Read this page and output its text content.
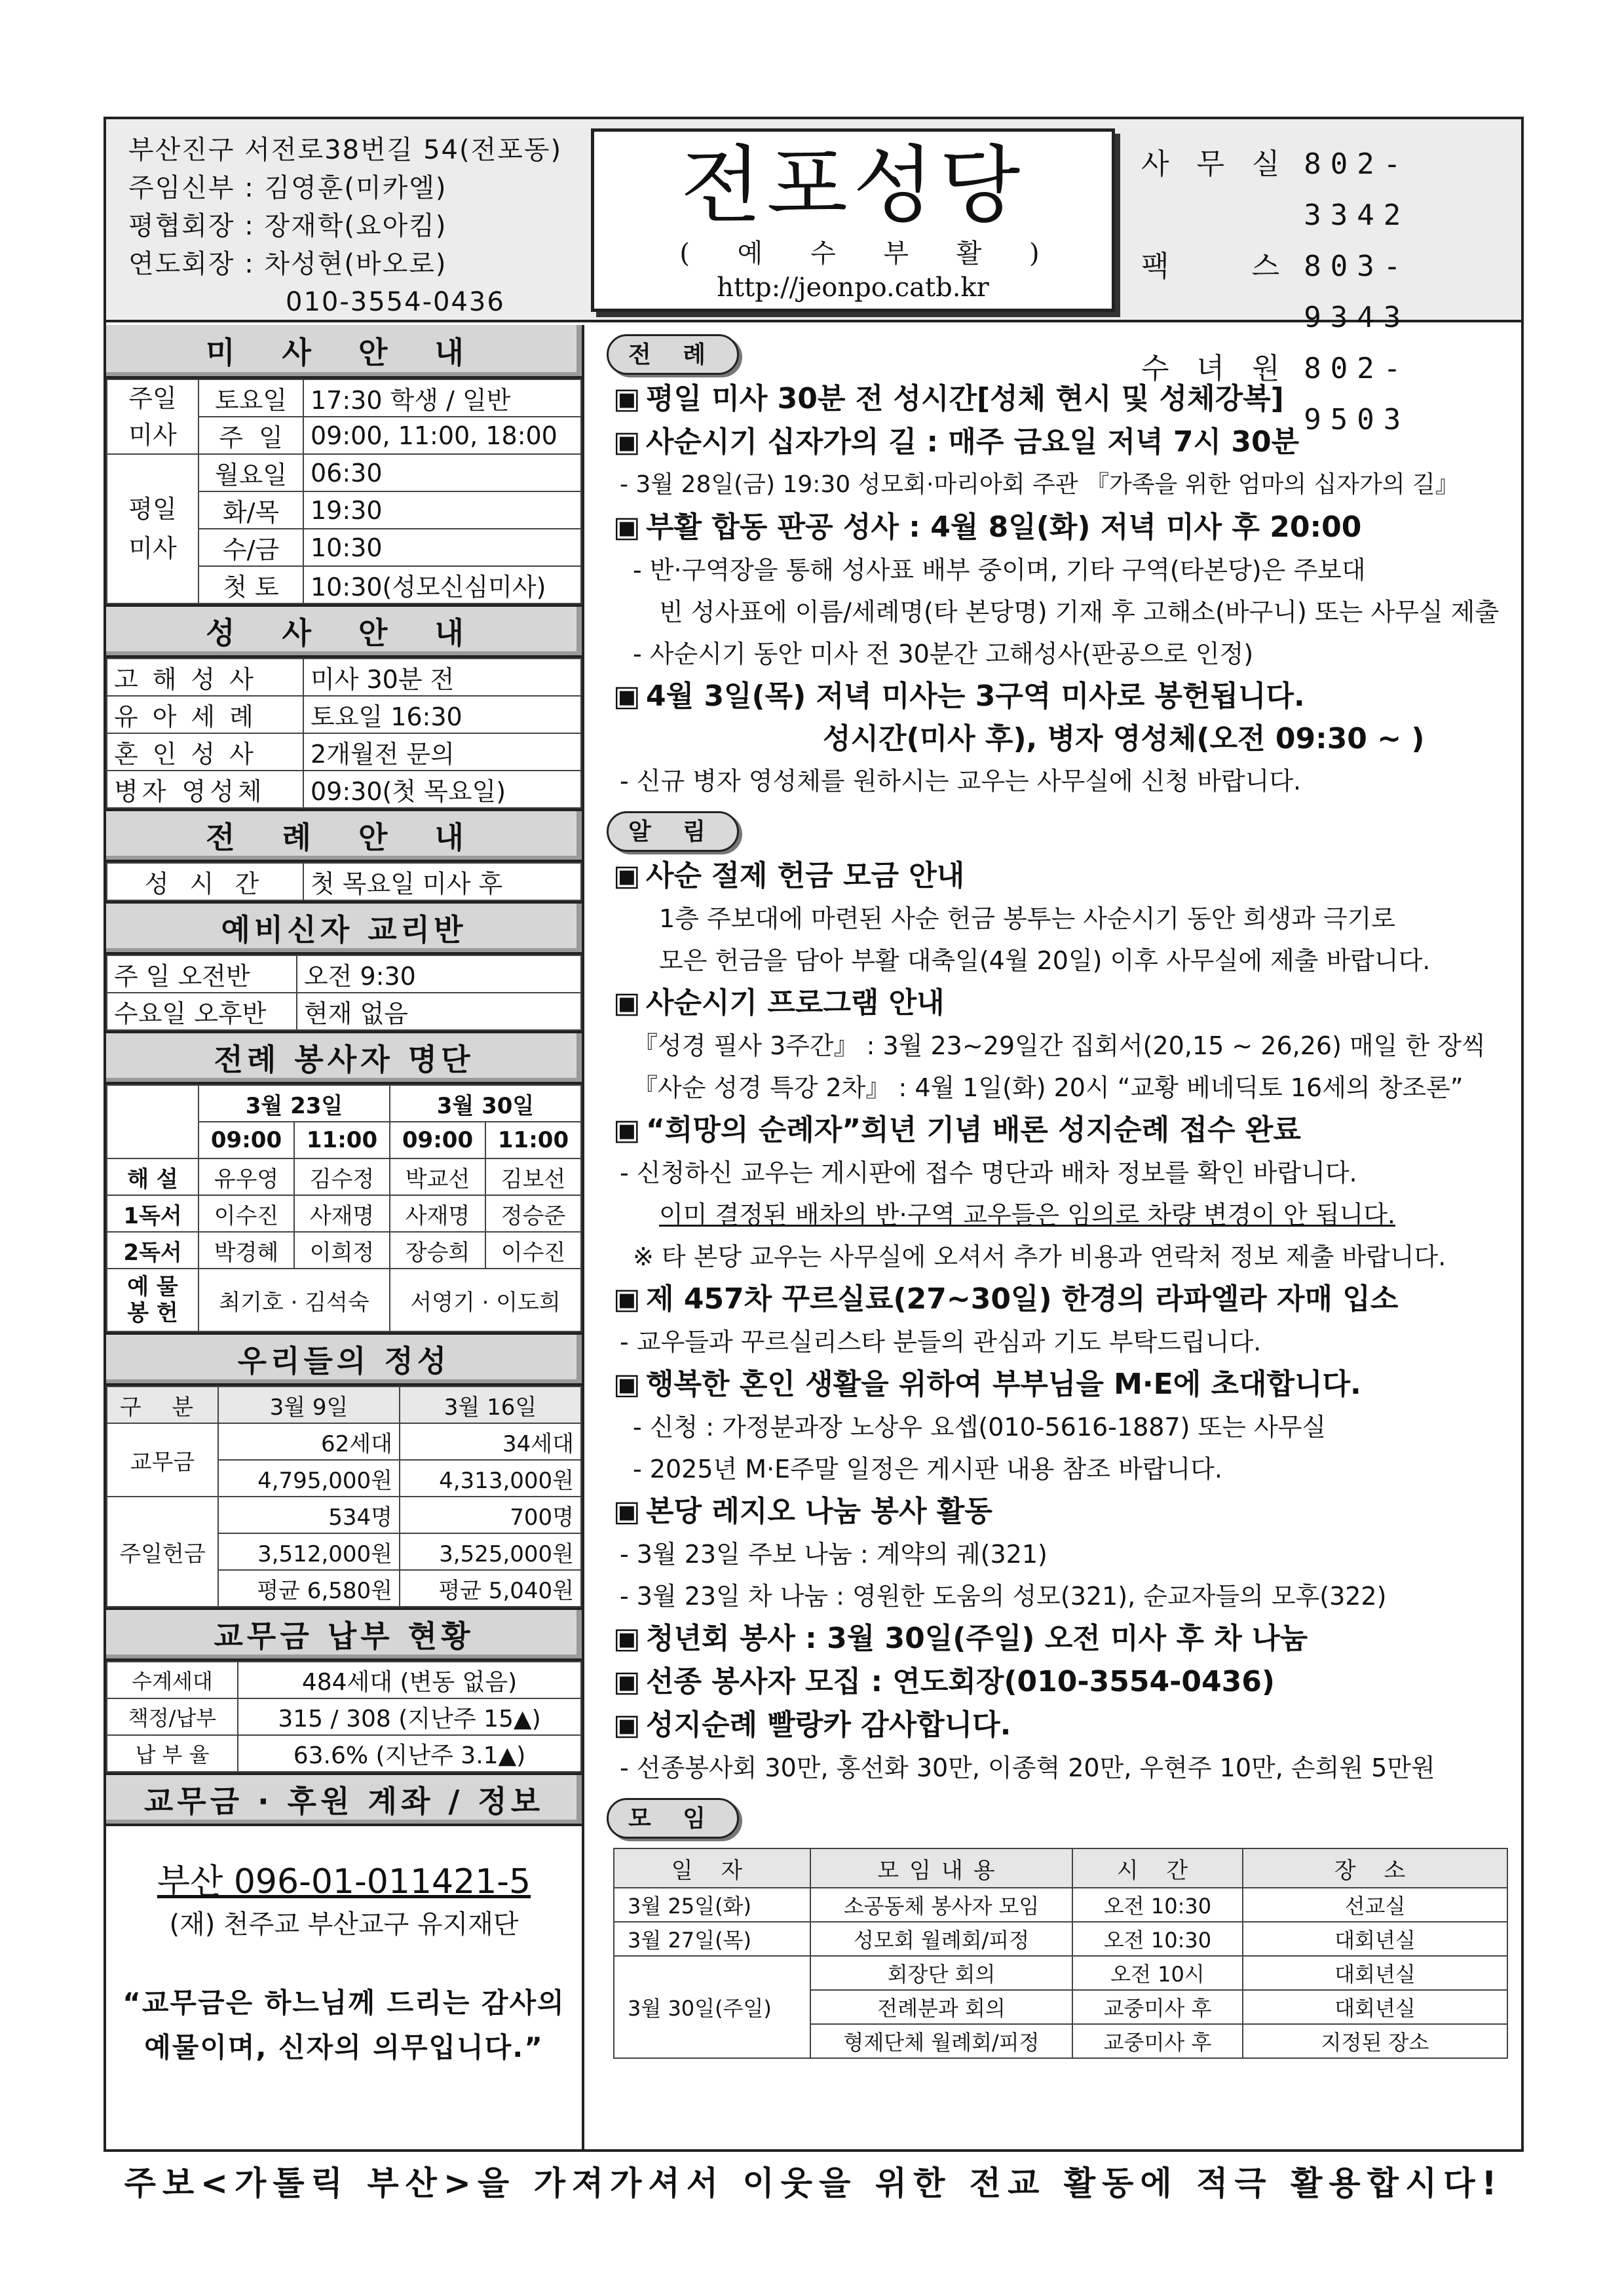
부산진구 서전로38번길 54(전포동)
주임신부 : 김영훈(미카엘)
평협회장 : 장재학(요아킴)
연도회장 : 차성현(바오로)
010-3554-0436
전포성당
( 예 수 부 활 )
http://jeonpo.catb.kr
사 무 실 802-3342
팩    스 803-9343
수 녀 원 802-9503
미 사 안 내
주일
미사	토요일	17:30 학생 / 일반
	주  일	09:00, 11:00, 18:00
평일
미사	월요일	06:30
	화/목	19:30
	수/금	10:30
	첫 토	10:30(성모신심미사)
성 사 안 내
고해성사	미사 30분 전
유아세례	토요일 16:30
혼인성사	2개월전 문의
병자 영성체	09:30(첫 목요일)
전 례 안 내
성 시 간	첫 목요일 미사 후
예비신자 교리반
주 일 오전반	오전 9:30
수요일 오후반	현재 없음
전례 봉사자 명단
	3월 23일		3월 30일	
	09:00	11:00	09:00	11:00
해 설	유우영	김수정	박교선	김보선
1독서	이수진	사재명	사재명	정승준
2독서	박경혜	이희정	장승희	이수진
예 물
봉 헌	최기호 · 김석숙		서영기 · 이도희	
우리들의 정성
구 분	3월 9일	3월 16일
교무금	62세대	34세대
	4,795,000원	4,313,000원
주일헌금	534명	700명
	3,512,000원	3,525,000원
	평균 6,580원	평균 5,040원
교무금 납부 현황
수계세대	484세대 (변동 없음)
책정/납부	315 / 308 (지난주 15▲)
납 부 율	63.6% (지난주 3.1▲)
교무금 · 후원 계좌 / 정보
부산 096-01-011421-5
(재) 천주교 부산교구 유지재단
“교무금은 하느님께 드리는 감사의
예물이며, 신자의 의무입니다.”
전 례
▣ 평일 미사 30분 전 성시간[성체 현시 및 성체강복]
▣ 사순시기 십자가의 길 : 매주 금요일 저녁 7시 30분
- 3월 28일(금) 19:30 성모회·마리아회 주관 『가족을 위한 엄마의 십자가의 길』
▣ 부활 합동 판공 성사 : 4월 8일(화) 저녁 미사 후 20:00
- 반·구역장을 통해 성사표 배부 중이며, 기타 구역(타본당)은 주보대
빈 성사표에 이름/세례명(타 본당명) 기재 후 고해소(바구니) 또는 사무실 제출
- 사순시기 동안 미사 전 30분간 고해성사(판공으로 인정)
▣ 4월 3일(목) 저녁 미사는 3구역 미사로 봉헌됩니다.
성시간(미사 후), 병자 영성체(오전 09:30 ~ )
- 신규 병자 영성체를 원하시는 교우는 사무실에 신청 바랍니다.
알 림
▣ 사순 절제 헌금 모금 안내
1층 주보대에 마련된 사순 헌금 봉투는 사순시기 동안 희생과 극기로
모은 헌금을 담아 부활 대축일(4월 20일) 이후 사무실에 제출 바랍니다.
▣ 사순시기 프로그램 안내
『성경 필사 3주간』 : 3월 23~29일간 집회서(20,15 ~ 26,26) 매일 한 장씩
『사순 성경 특강 2차』 : 4월 1일(화) 20시 “교황 베네딕토 16세의 창조론”
▣ “희망의 순례자”희년 기념 배론 성지순례 접수 완료
- 신청하신 교우는 게시판에 접수 명단과 배차 정보를 확인 바랍니다.
이미 결정된 배차의 반·구역 교우들은 임의로 차량 변경이 안 됩니다.
※ 타 본당 교우는 사무실에 오셔서 추가 비용과 연락처 정보 제출 바랍니다.
▣ 제 457차 꾸르실료(27~30일) 한경의 라파엘라 자매 입소
- 교우들과 꾸르실리스타 분들의 관심과 기도 부탁드립니다.
▣ 행복한 혼인 생활을 위하여 부부님을 M·E에 초대합니다.
- 신청 : 가정분과장 노상우 요셉(010-5616-1887) 또는 사무실
- 2025년 M·E주말 일정은 게시판 내용 참조 바랍니다.
▣ 본당 레지오 나눔 봉사 활동
- 3월 23일 주보 나눔 : 계약의 궤(321)
- 3월 23일 차 나눔 : 영원한 도움의 성모(321), 순교자들의 모후(322)
▣ 청년회 봉사 : 3월 30일(주일) 오전 미사 후 차 나눔
▣ 선종 봉사자 모집 : 연도회장(010-3554-0436)
▣ 성지순례 빨랑카 감사합니다.
- 선종봉사회 30만, 홍선화 30만, 이종혁 20만, 우현주 10만, 손희원 5만원
모 임
일 자	모임내용	시 간	장 소
3월 25일(화)	소공동체 봉사자 모임	오전 10:30	선교실
3월 27일(목)	성모회 월례회/피정	오전 10:30	대회년실
3월 30일(주일)	회장단 회의	오전 10시	대회년실
	전례분과 회의	교중미사 후	대회년실
	형제단체 월례회/피정	교중미사 후	지정된 장소
주보<가톨릭 부산>을 가져가셔서 이웃을 위한 전교 활동에 적극 활용합시다!
